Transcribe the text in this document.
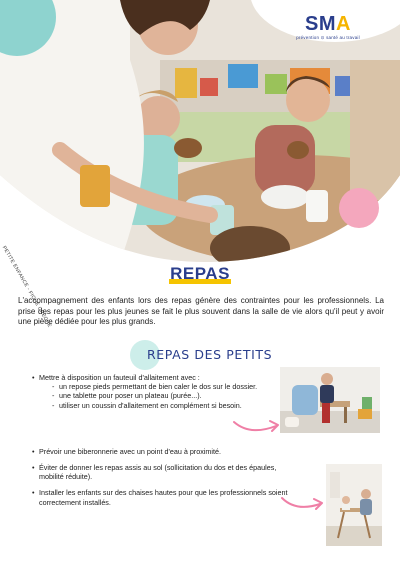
SMA
prévention ⊙ santé au travail
PETITE ENFANCE - FICHE CRÈCHE	REPAS
L'accompagnement des enfants lors des repas génère des contraintes pour les professionnels. La prise des repas pour les plus jeunes se fait le plus souvent dans la salle de vie alors qu'il peut y avoir une pièce dédiée pour les plus grands.
REPAS DES PETITS
• Mettre à disposition un fauteuil d'allaitement avec :
- un repose pieds permettant de bien caler le dos sur le dossier.
- une tablette pour poser un plateau (purée...).
- utiliser un coussin d'allaitement en complément si besoin.
• Prévoir une biberonnerie avec un point d'eau à proximité.
• Éviter de donner les repas assis au sol (sollicitation du dos et des épaules, mobilité réduite).
• Installer les enfants sur des chaises hautes pour que les professionnels soient correctement installés.
